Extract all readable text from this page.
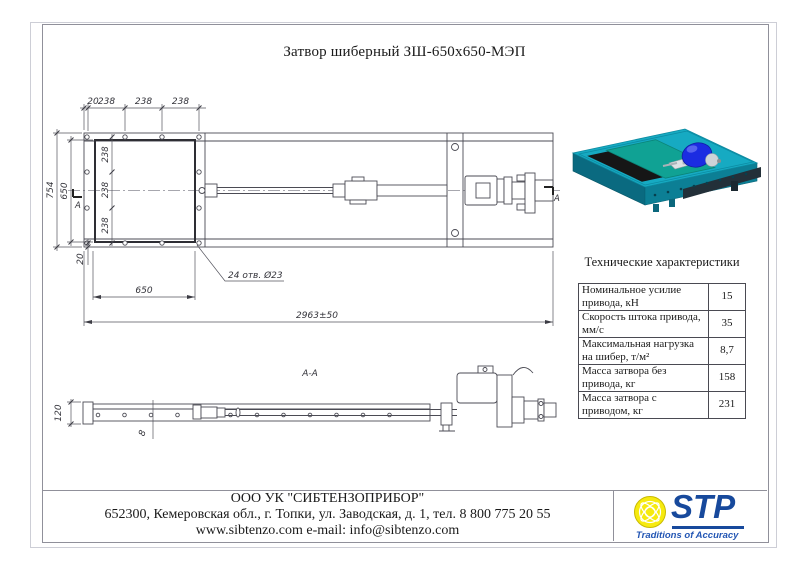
Затвор шиберный ЗШ-650х650-МЭП
А
А
20 238 238 238
754 650
238
238
238
20
650
24 отв. Ø23
2963±50
А-А
120
8
Технические характеристики
Номинальное усилие привода, кН	15
Скорость штока привода, мм/с	35
Максимальная нагрузка на шибер, т/м²	8,7
Масса затвора без привода, кг	158
Масса затвора с приводом, кг	231
ООО УК "СИБТЕНЗОПРИБОР"
652300, Кемеровская обл., г. Топки, ул. Заводская, д. 1, тел. 8 800 775 20 55
www.sibtenzo.com e-mail: info@sibtenzo.com
STP
Traditions of Accuracy
